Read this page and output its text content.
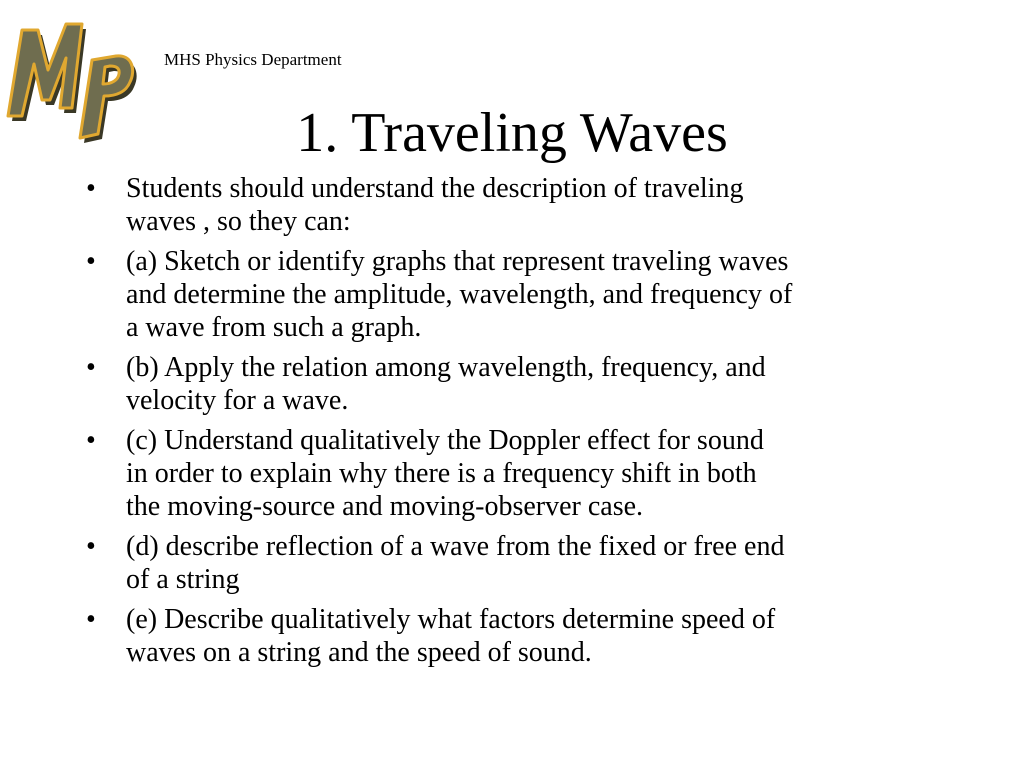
MHS Physics Department
1. Traveling Waves
• Students should understand the description of traveling
waves , so they can:
• (a) Sketch or identify graphs that represent traveling waves
and determine the amplitude, wavelength, and frequency of
a wave from such a graph.
• (b) Apply the relation among wavelength, frequency, and
velocity for a wave.
• (c) Understand qualitatively the Doppler effect for sound
in order to explain why there is a frequency shift in both
the moving-source and moving-observer case.
• (d) describe reflection of a wave from the fixed or free end
of a string
• (e) Describe qualitatively what factors determine speed of
waves on a string and the speed of sound.
